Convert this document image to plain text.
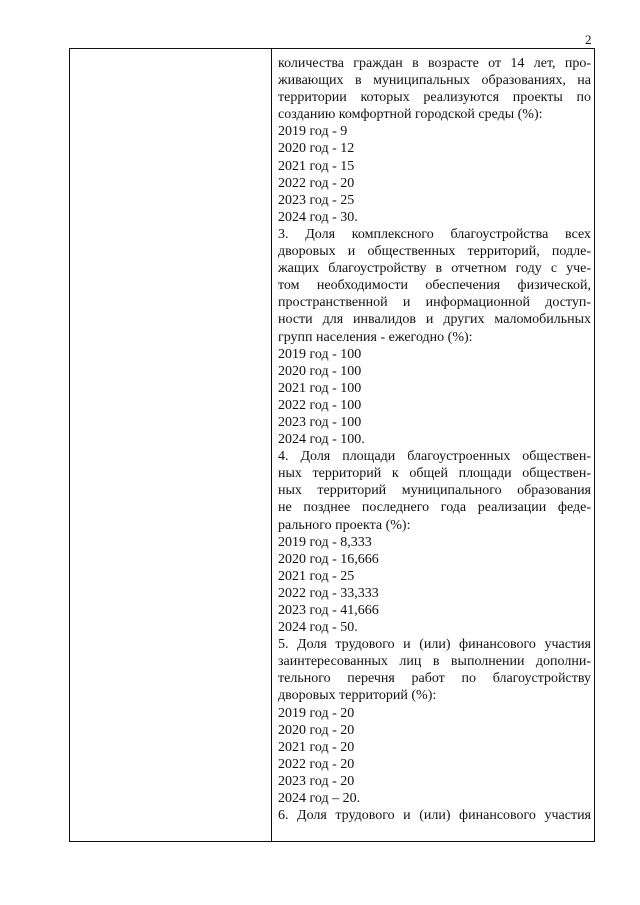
2
количества граждан в возрасте от 14 лет, про-
живающих в муниципальных образованиях, на
территории которых реализуются проекты по
созданию комфортной городской среды (%):
2019 год - 9
2020 год - 12
2021 год - 15
2022 год - 20
2023 год - 25
2024 год - 30.
3. Доля комплексного благоустройства всех
дворовых и общественных территорий, подле-
жащих благоустройству в отчетном году с уче-
том необходимости обеспечения физической,
пространственной и информационной доступ-
ности для инвалидов и других маломобильных
групп населения - ежегодно (%):
2019 год - 100
2020 год - 100
2021 год - 100
2022 год - 100
2023 год - 100
2024 год - 100.
4. Доля площади благоустроенных обществен-
ных территорий к общей площади обществен-
ных территорий муниципального образования
не позднее последнего года реализации феде-
рального проекта (%):
2019 год - 8,333
2020 год - 16,666
2021 год - 25
2022 год - 33,333
2023 год - 41,666
2024 год - 50.
5. Доля трудового и (или) финансового участия
заинтересованных лиц в выполнении дополни-
тельного перечня работ по благоустройству
дворовых территорий (%):
2019 год - 20
2020 год - 20
2021 год - 20
2022 год - 20
2023 год - 20
2024 год – 20.
6. Доля трудового и (или) финансового участия
